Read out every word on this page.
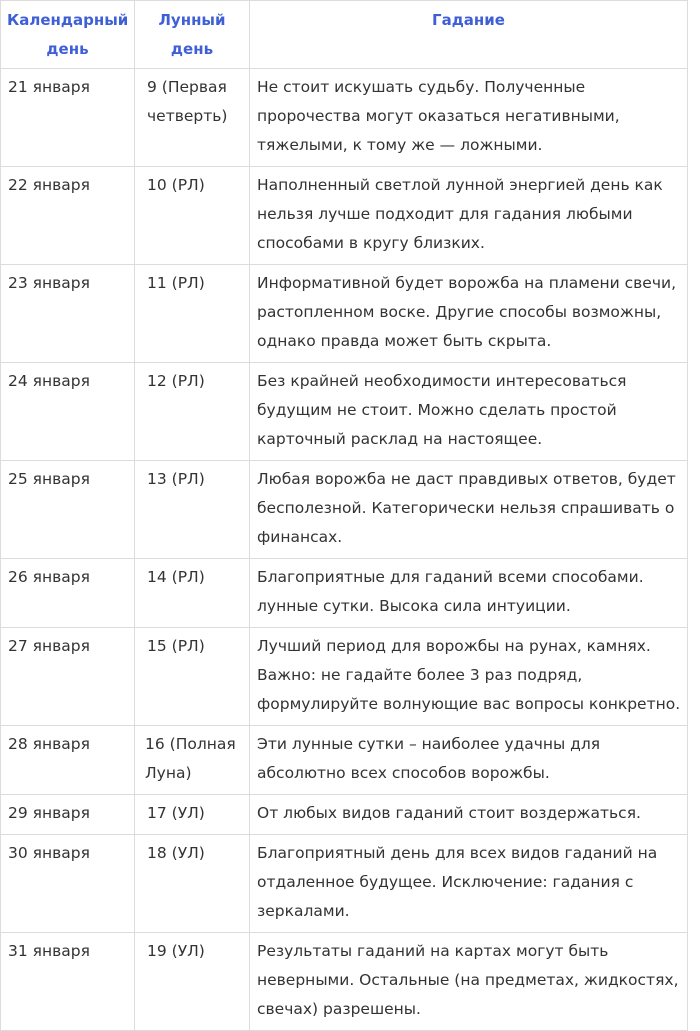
Календарный день	Лунный день	Гадание
21 января	9 (Первая четверть)	Не стоит искушать судьбу. Полученные пророчества могут оказаться негативными, тяжелыми, к тому же — ложными.
22 января	10 (РЛ)	Наполненный светлой лунной энергией день как нельзя лучше подходит для гадания любыми способами в кругу близких.
23 января	11 (РЛ)	Информативной будет ворожба на пламени свечи, растопленном воске. Другие способы возможны, однако правда может быть скрыта.
24 января	12 (РЛ)	Без крайней необходимости интересоваться будущим не стоит. Можно сделать простой карточный расклад на настоящее.
25 января	13 (РЛ)	Любая ворожба не даст правдивых ответов, будет бесполезной. Категорически нельзя спрашивать о финансах.
26 января	14 (РЛ)	Благоприятные для гаданий всеми способами. лунные сутки. Высока сила интуиции.
27 января	15 (РЛ)	Лучший период для ворожбы на рунах, камнях. Важно: не гадайте более 3 раз подряд, формулируйте волнующие вас вопросы конкретно.
28 января	16 (Полная Луна)	Эти лунные сутки – наиболее удачны для абсолютно всех способов ворожбы.
29 января	17 (УЛ)	От любых видов гаданий стоит воздержаться.
30 января	18 (УЛ)	Благоприятный день для всех видов гаданий на отдаленное будущее. Исключение: гадания с зеркалами.
31 января	19 (УЛ)	Результаты гаданий на картах могут быть неверными. Остальные (на предметах, жидкостях, свечах) разрешены.
